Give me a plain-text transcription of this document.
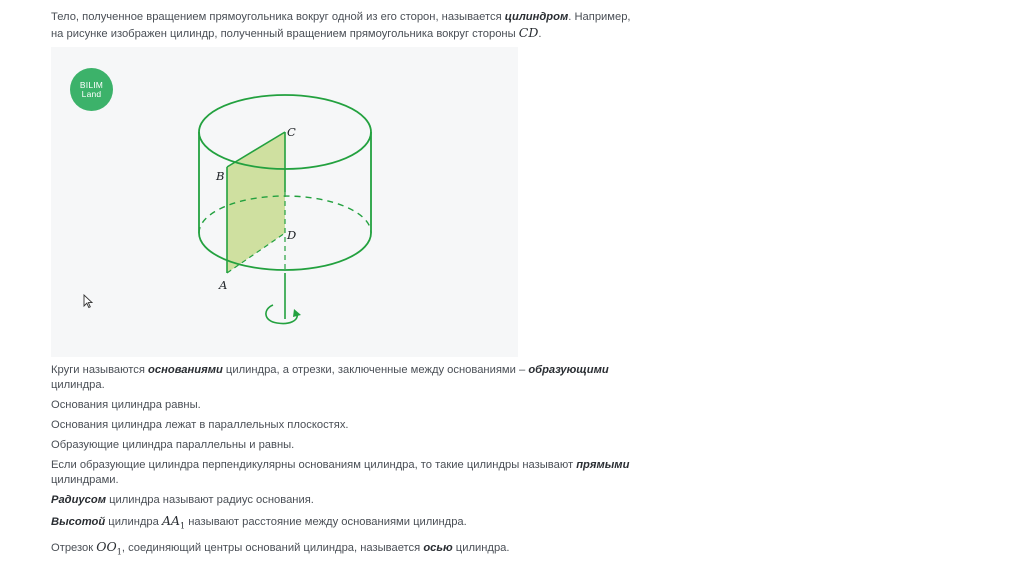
Тело, полученное вращением прямоугольника вокруг одной из его сторон, называется цилиндром. Например,

на рисунке изображен цилиндр, полученный вращением прямоугольника вокруг стороны CD.

C
B
D
A
BILIM
Land

Круги называются основаниями цилиндра, а отрезки, заключенные между основаниями – образующими цилиндра.

Основания цилиндра равны.

Основания цилиндра лежат в параллельных плоскостях.

Образующие цилиндра параллельны и равны.

Если образующие цилиндра перпендикулярны основаниям цилиндра, то такие цилиндры называют прямыми цилиндрами.

Радиусом цилиндра называют радиус основания.

Высотой цилиндра $AA_1$ называют расстояние между основаниями цилиндра.

Отрезок $OO_1$, соединяющий центры оснований цилиндра, называется осью цилиндра.
